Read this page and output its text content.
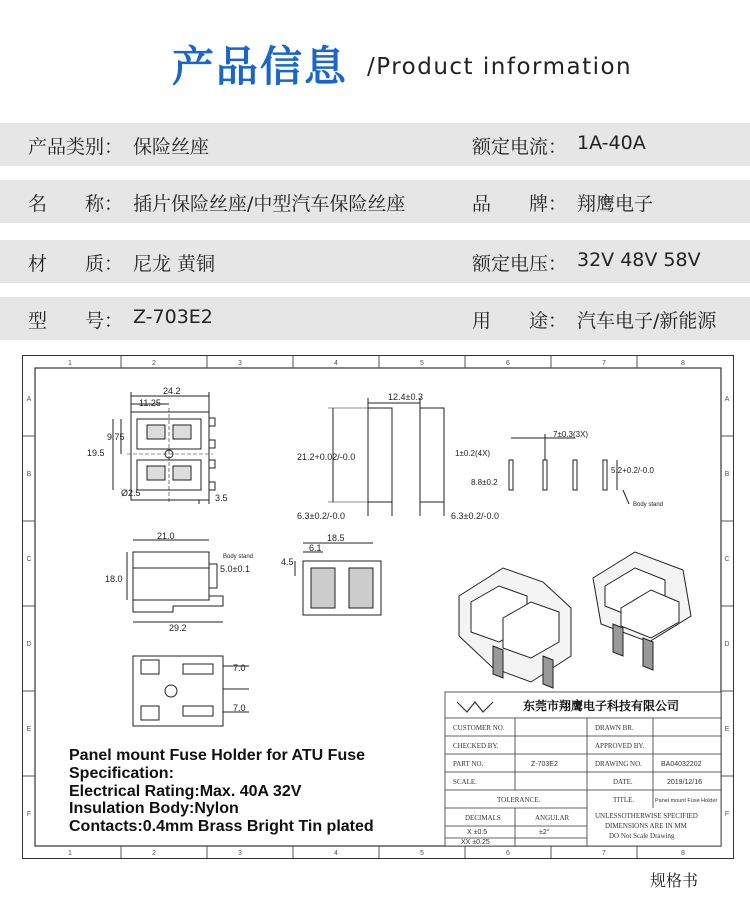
产品信息 /Product information
产品类别： 保险丝座	额定电流： 1A-40A
名　　称： 插片保险丝座/中型汽车保险丝座	品　　牌： 翔鹰电子
材　　质： 尼龙 黄铜	额定电压： 32V 48V 58V
型　　号： Z-703E2	用　　途： 汽车电子/新能源
1	2	3	4	5	6	7	8
1	2	3	4	5	6	7	8
A
B
C
D
E
F
A
B
C
D
E
F
24.2
11.25
9.75
19.5
Ø2.5	3.5
12.4±0.3
21.2+0.02/-0.0
6.3±0.2/-0.0	6.3±0.2/-0.0
7±0.3(3X)
1±0.2(4X)
8.8±0.2
5.2+0.2/-0.0
Body stand
21.0
Body stand
5.0±0.1
18.0
29.2
18.5
6.1
4.5
7.0
7.0
Panel mount Fuse Holder for ATU Fuse
Specification:
Electrical Rating:Max. 40A 32V
Insulation Body:Nylon
Contacts:0.4mm Brass Bright Tin plated
东莞市翔鹰电子科技有限公司
CUSTOMER NO.	DRAWN BR.
CHECKED BY.	APPROVED BY.
PART NO.	Z-703E2	DRAWING NO.	BA04032202
SCALE.	DATE.	2019/12/16
TOLERANCE.	TITLE.	Panel mount Fuse Holder
DECIMALS	ANGULAR
X ±0.5	±2°
XX ±0.25
UNLESSOTHERWISE SPECIFIED
DIMENSIONS ARE IN MM
DO Not Scale Drawing
规格书
